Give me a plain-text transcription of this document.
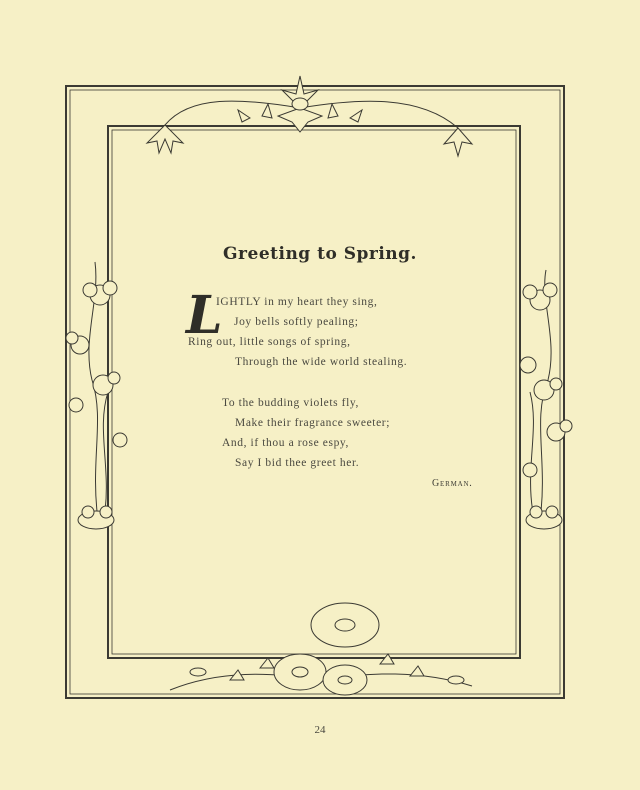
Greeting to Spring.
L
IGHTLY in my heart they sing,
Joy bells softly pealing;
Ring out, little songs of spring,
Through the wide world stealing.
To the budding violets fly,
Make their fragrance sweeter;
And, if thou a rose espy,
Say I bid thee greet her.
German.
24
